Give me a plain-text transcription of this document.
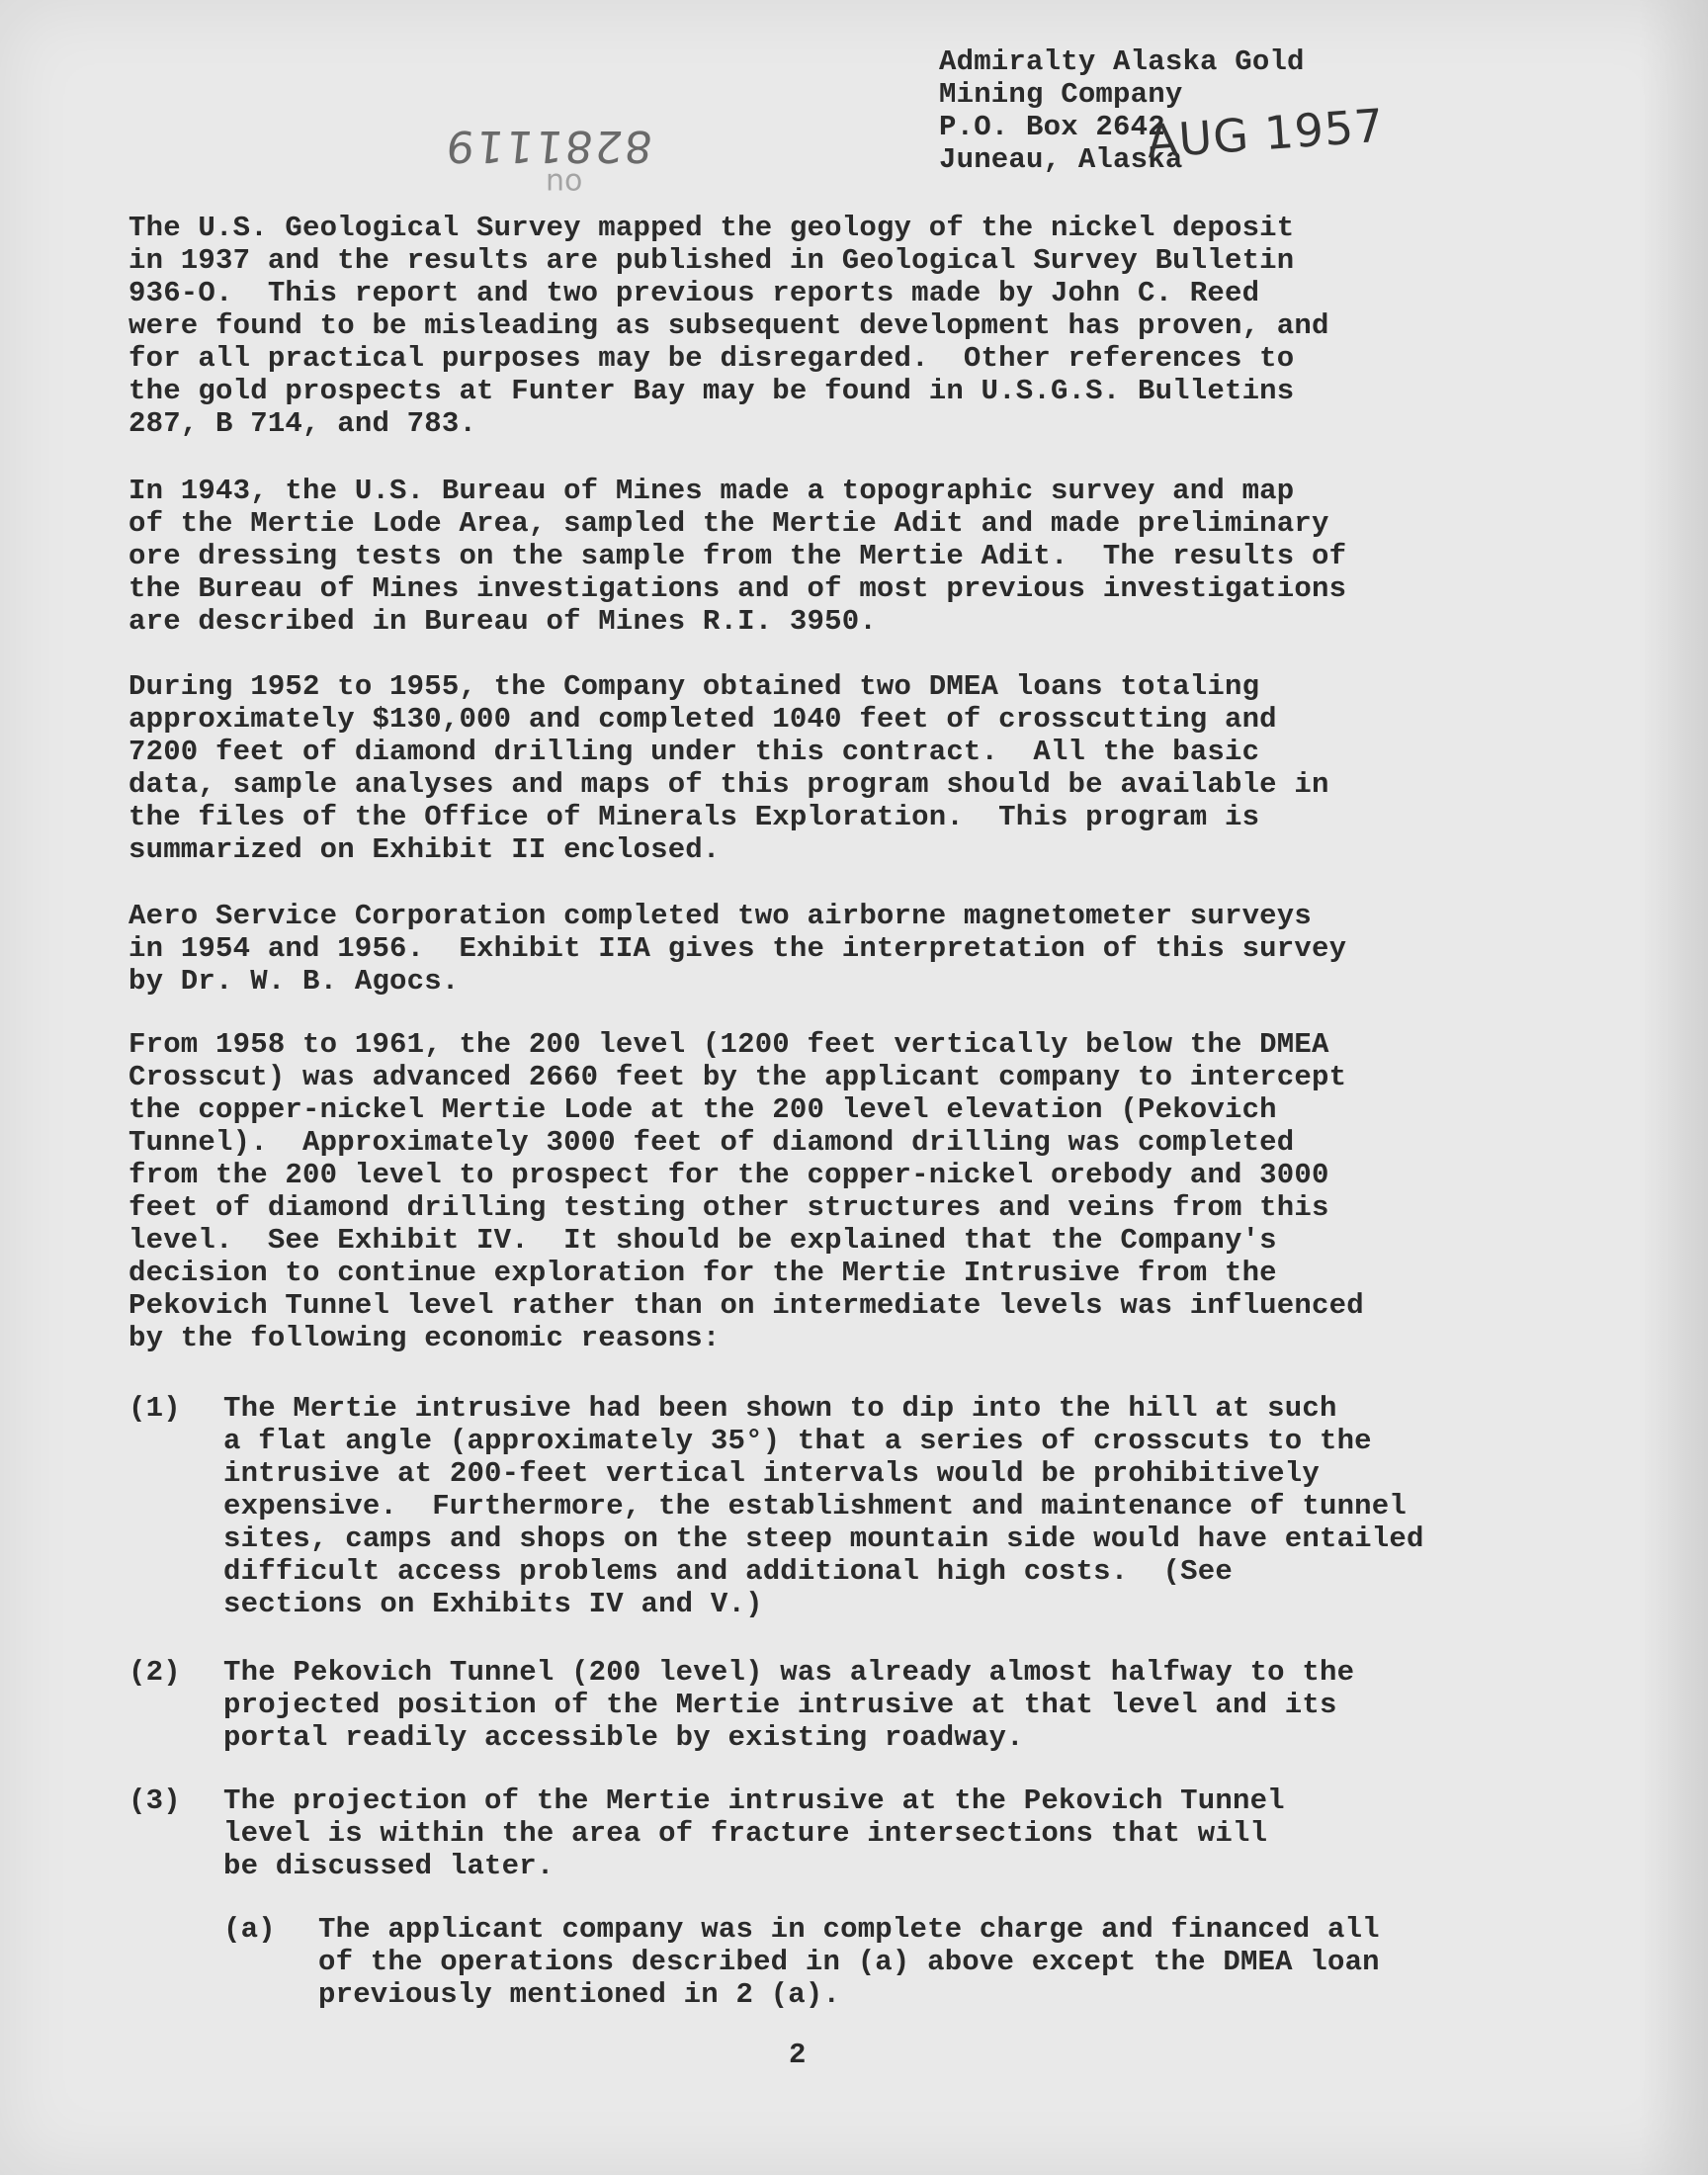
Admiralty Alaska Gold
Mining Company
P.O. Box 2642
Juneau, Alaska
8281119
ou
AUG 1957
The U.S. Geological Survey mapped the geology of the nickel deposit
in 1937 and the results are published in Geological Survey Bulletin
936-O.  This report and two previous reports made by John C. Reed
were found to be misleading as subsequent development has proven, and
for all practical purposes may be disregarded.  Other references to
the gold prospects at Funter Bay may be found in U.S.G.S. Bulletins
287, B 714, and 783.
In 1943, the U.S. Bureau of Mines made a topographic survey and map
of the Mertie Lode Area, sampled the Mertie Adit and made preliminary
ore dressing tests on the sample from the Mertie Adit.  The results of
the Bureau of Mines investigations and of most previous investigations
are described in Bureau of Mines R.I. 3950.
During 1952 to 1955, the Company obtained two DMEA loans totaling
approximately $130,000 and completed 1040 feet of crosscutting and
7200 feet of diamond drilling under this contract.  All the basic
data, sample analyses and maps of this program should be available in
the files of the Office of Minerals Exploration.  This program is
summarized on Exhibit II enclosed.
Aero Service Corporation completed two airborne magnetometer surveys
in 1954 and 1956.  Exhibit IIA gives the interpretation of this survey
by Dr. W. B. Agocs.
From 1958 to 1961, the 200 level (1200 feet vertically below the DMEA
Crosscut) was advanced 2660 feet by the applicant company to intercept
the copper-nickel Mertie Lode at the 200 level elevation (Pekovich
Tunnel).  Approximately 3000 feet of diamond drilling was completed
from the 200 level to prospect for the copper-nickel orebody and 3000
feet of diamond drilling testing other structures and veins from this
level.  See Exhibit IV.  It should be explained that the Company's
decision to continue exploration for the Mertie Intrusive from the
Pekovich Tunnel level rather than on intermediate levels was influenced
by the following economic reasons:
(1) The Mertie intrusive had been shown to dip into the hill at such
a flat angle (approximately 35°) that a series of crosscuts to the
intrusive at 200-feet vertical intervals would be prohibitively
expensive.  Furthermore, the establishment and maintenance of tunnel
sites, camps and shops on the steep mountain side would have entailed
difficult access problems and additional high costs.  (See
sections on Exhibits IV and V.)
(2) The Pekovich Tunnel (200 level) was already almost halfway to the
projected position of the Mertie intrusive at that level and its
portal readily accessible by existing roadway.
(3) The projection of the Mertie intrusive at the Pekovich Tunnel
level is within the area of fracture intersections that will
be discussed later.
(a) The applicant company was in complete charge and financed all
of the operations described in (a) above except the DMEA loan
previously mentioned in 2 (a).
2
